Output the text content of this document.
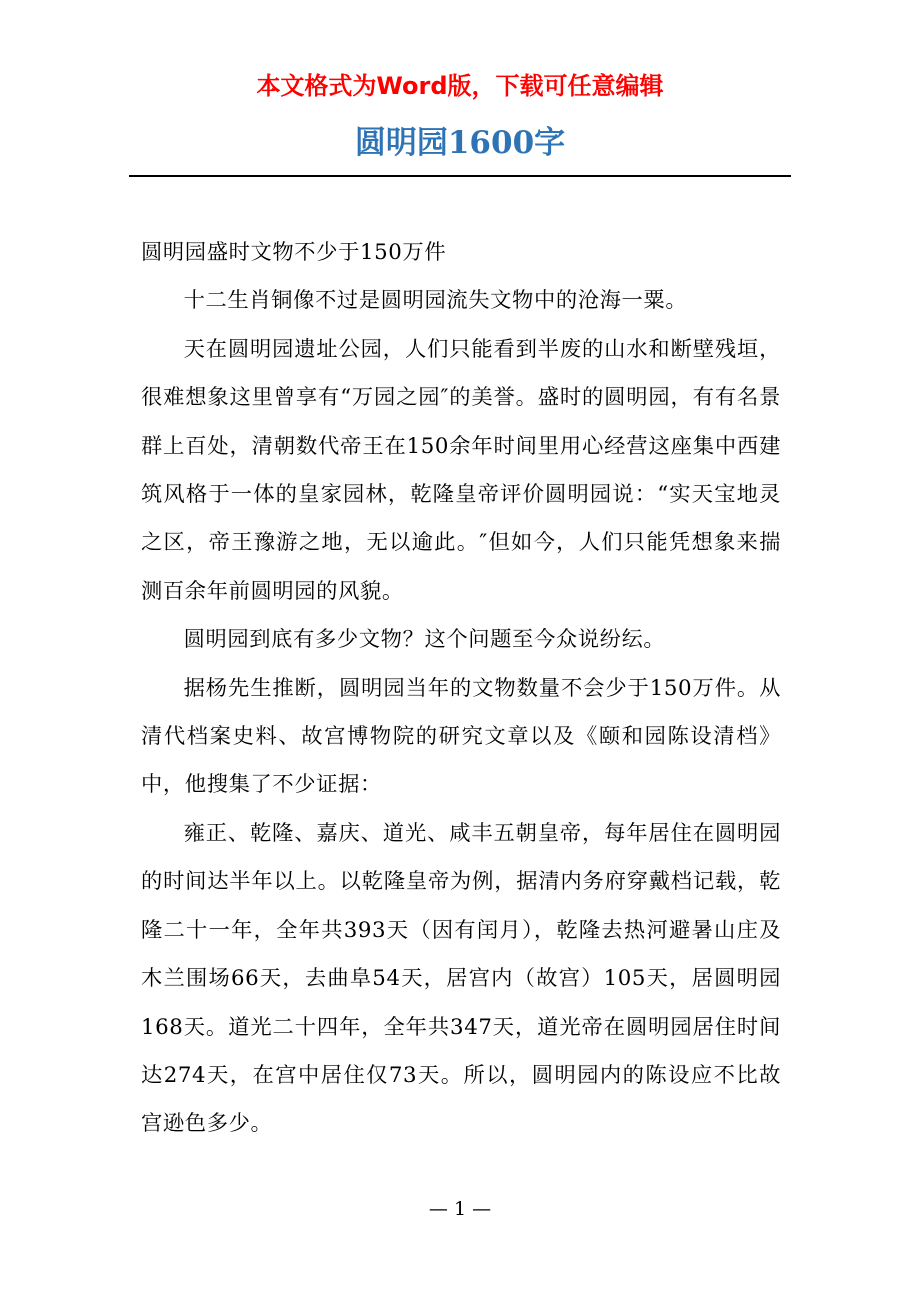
本文格式为Word版，下载可任意编辑
圆明园1600字

圆明园盛时文物不少于150万件

十二生肖铜像不过是圆明园流失文物中的沧海一粟。

天在圆明园遗址公园，人们只能看到半废的山水和断壁残垣，很难想象这里曾享有“万园之园″的美誉。盛时的圆明园，有有名景群上百处，清朝数代帝王在150余年时间里用心经营这座集中西建筑风格于一体的皇家园林，乾隆皇帝评价圆明园说：“实天宝地灵之区，帝王豫游之地，无以逾此。″但如今，人们只能凭想象来揣测百余年前圆明园的风貌。

圆明园到底有多少文物？这个问题至今众说纷纭。

据杨先生推断，圆明园当年的文物数量不会少于150万件。从清代档案史料、故宫博物院的研究文章以及《颐和园陈设清档》中，他搜集了不少证据：

雍正、乾隆、嘉庆、道光、咸丰五朝皇帝，每年居住在圆明园的时间达半年以上。以乾隆皇帝为例，据清内务府穿戴档记载，乾隆二十一年，全年共393天（因有闰月），乾隆去热河避暑山庄及木兰围场66天，去曲阜54天，居宫内（故宫）105天，居圆明园168天。道光二十四年，全年共347天，道光帝在圆明园居住时间达274天，在宫中居住仅73天。所以，圆明园内的陈设应不比故宫逊色多少。

— 1 —
